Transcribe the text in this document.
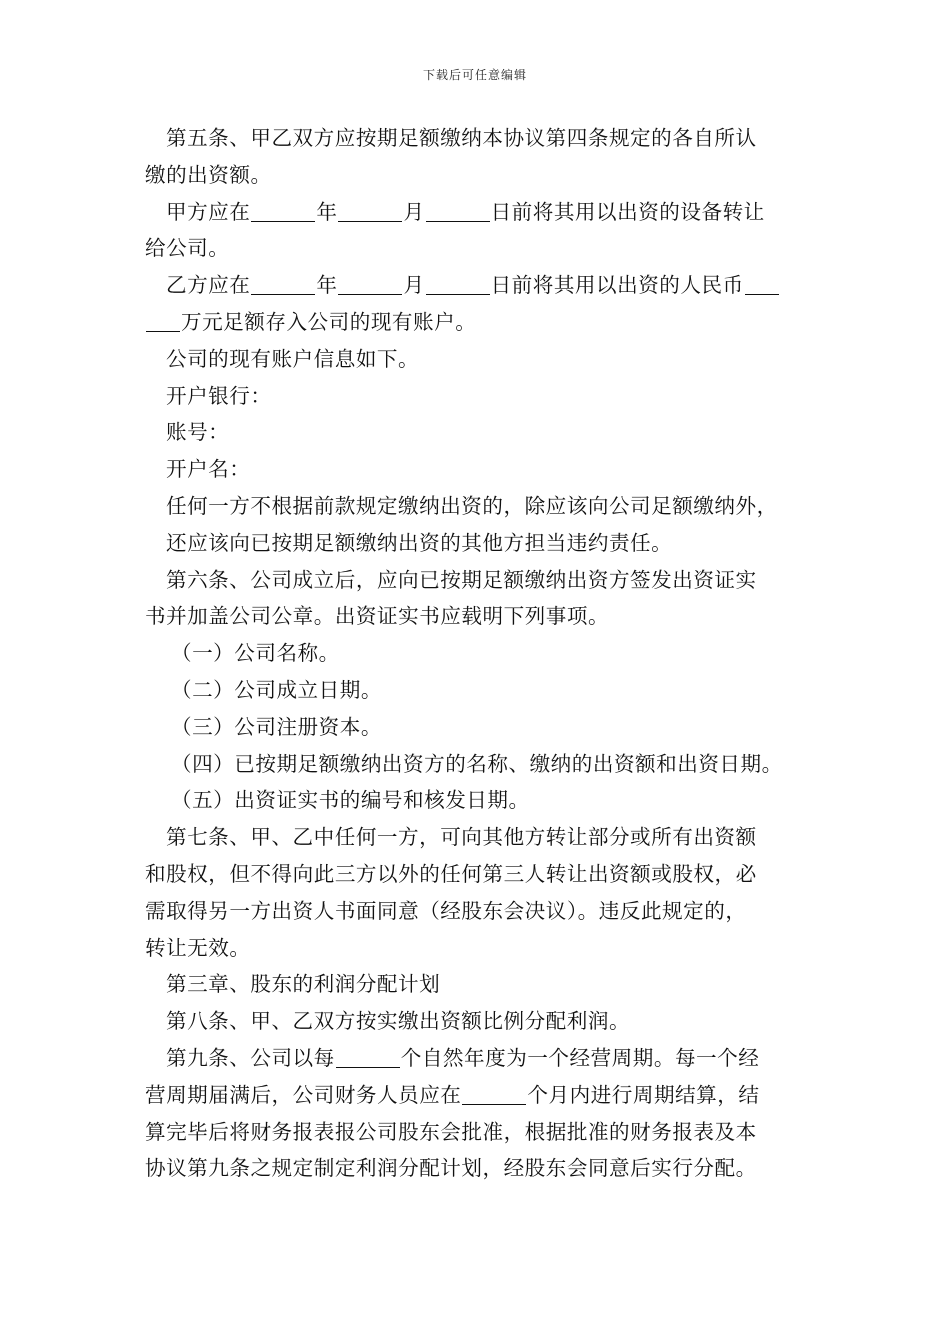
下载后可任意编辑
第五条、甲乙双方应按期足额缴纳本协议第四条规定的各自所认
缴的出资额。
甲方应在	年	月	日前将其用以出资的设备转让
给公司。
乙方应在	年	月	日前将其用以出资的人民币
万元足额存入公司的现有账户。
公司的现有账户信息如下。
开户银行：
账号：
开户名：
任何一方不根据前款规定缴纳出资的，除应该向公司足额缴纳外，
还应该向已按期足额缴纳出资的其他方担当违约责任。
第六条、公司成立后，应向已按期足额缴纳出资方签发出资证实
书并加盖公司公章。出资证实书应载明下列事项。
（一）公司名称。
（二）公司成立日期。
（三）公司注册资本。
（四）已按期足额缴纳出资方的名称、缴纳的出资额和出资日期。
（五）出资证实书的编号和核发日期。
第七条、甲、乙中任何一方，可向其他方转让部分或所有出资额
和股权，但不得向此三方以外的任何第三人转让出资额或股权，必
需取得另一方出资人书面同意（经股东会决议）。违反此规定的，
转让无效。
第三章、股东的利润分配计划
第八条、甲、乙双方按实缴出资额比例分配利润。
第九条、公司以每	个自然年度为一个经营周期。每一个经
营周期届满后，公司财务人员应在	个月内进行周期结算，结
算完毕后将财务报表报公司股东会批准，根据批准的财务报表及本
协议第九条之规定制定利润分配计划，经股东会同意后实行分配。
